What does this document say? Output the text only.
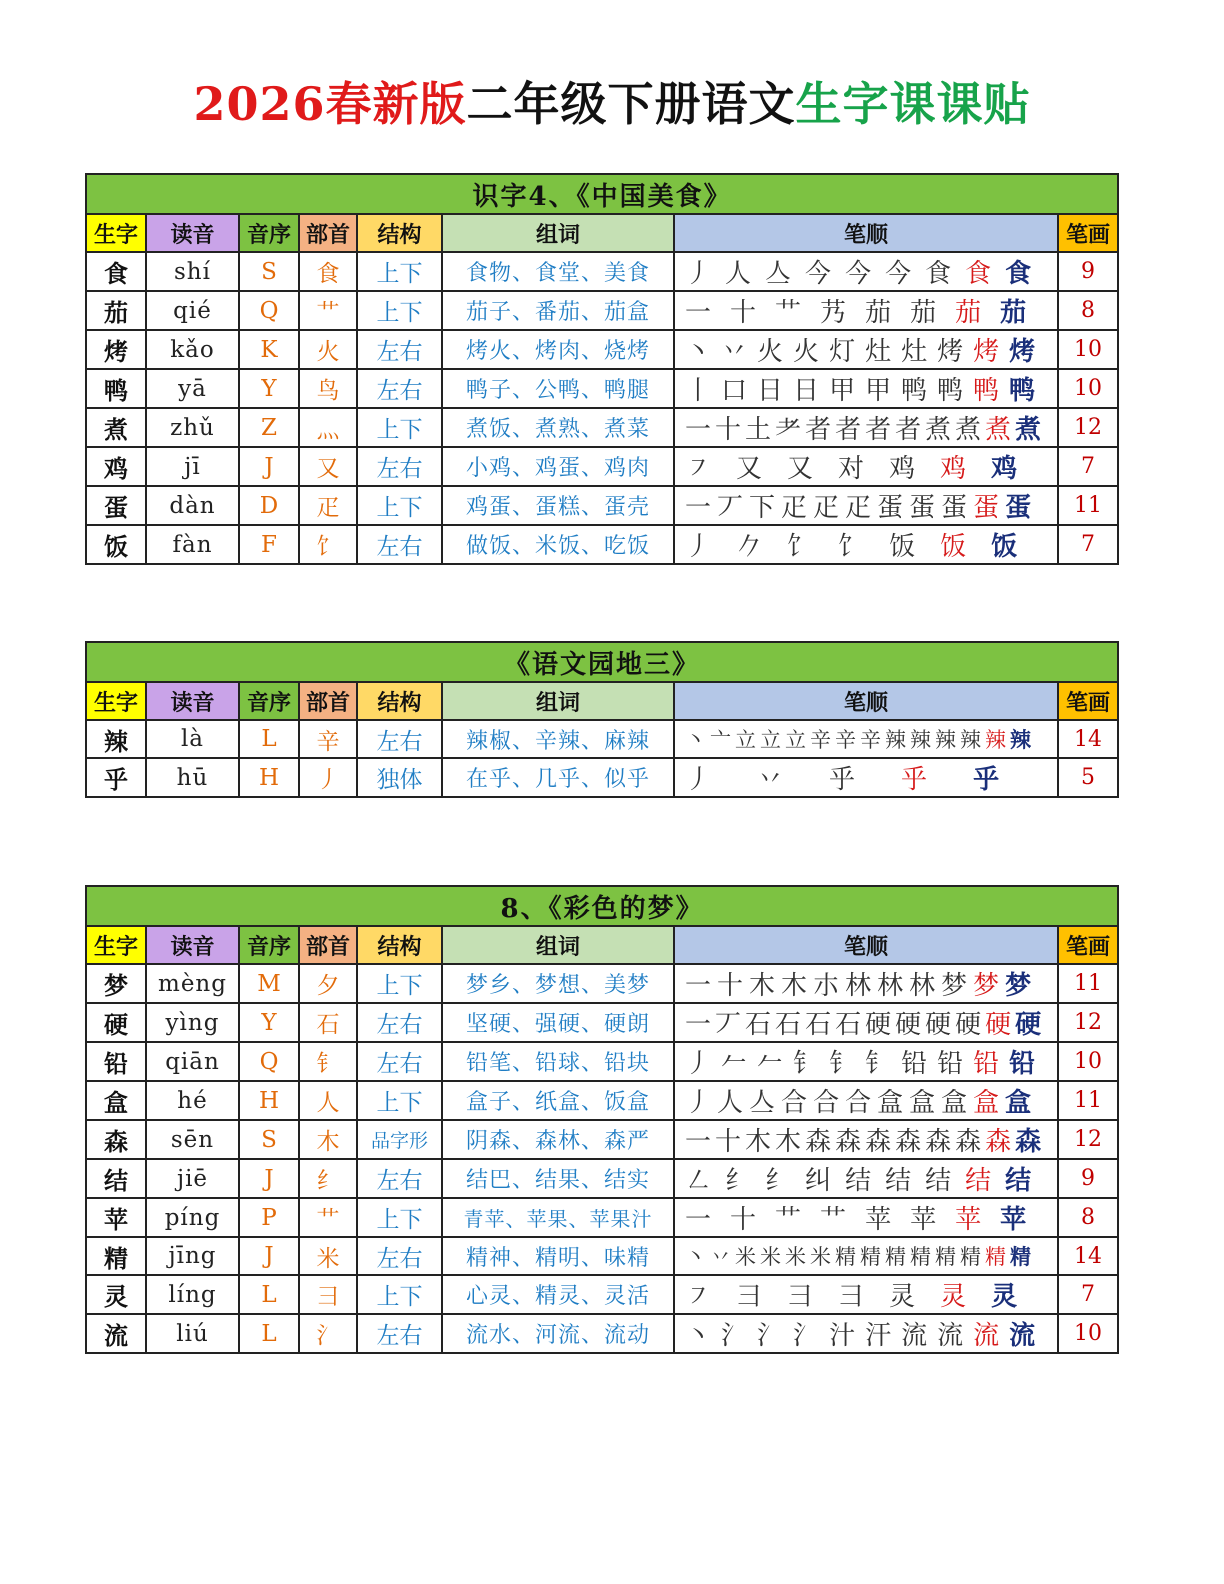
2026春新版二年级下册语文生字课课贴
识字4、《中国美食》							
生字	读音	音序	部首	结构	组词	笔顺	笔画
食	shí	S	食	上下	食物、食堂、美食	丿 人 亼 今 今 今 食 食 食	9
茄	qié	Q	艹	上下	茄子、番茄、茄盒	一 十 艹 艿 茄 茄 茄 茄	8
烤	kǎo	K	火	左右	烤火、烤肉、烧烤	丶 丷 火 火 灯 灶 灶 烤 烤 烤	10
鸭	yā	Y	鸟	左右	鸭子、公鸭、鸭腿	丨 口 日 日 甲 甲 鸭 鸭 鸭 鸭	10
煮	zhǔ	Z	灬	上下	煮饭、煮熟、煮菜	一 十 土 耂 者 者 者 者 煮 煮 煮 煮	12
鸡	jī	J	又	左右	小鸡、鸡蛋、鸡肉	㇇ 又 又 对 鸡 鸡 鸡	7
蛋	dàn	D	疋	上下	鸡蛋、蛋糕、蛋壳	一 丆 下 疋 疋 疋 蛋 蛋 蛋 蛋 蛋	11
饭	fàn	F	饣	左右	做饭、米饭、吃饭	丿 𠂊 饣 饣 饭 饭 饭	7
《语文园地三》							
生字	读音	音序	部首	结构	组词	笔顺	笔画
辣	là	L	辛	左右	辣椒、辛辣、麻辣	丶 亠 立 立 立 辛 辛 辛 辣 辣 辣 辣 辣 辣	14
乎	hū	H	丿	独体	在乎、几乎、似乎	丿 丷 乎 乎 乎	5
8、《彩色的梦》							
生字	读音	音序	部首	结构	组词	笔顺	笔画
梦	mèng	M	夕	上下	梦乡、梦想、美梦	一 十 木 木 朩 林 林 林 梦 梦 梦	11
硬	yìng	Y	石	左右	坚硬、强硬、硬朗	一 丆 石 石 石 石 硬 硬 硬 硬 硬 硬	12
铅	qiān	Q	钅	左右	铅笔、铅球、铅块	丿 𠂉 𠂉 钅 钅 钅 铅 铅 铅 铅	10
盒	hé	H	人	上下	盒子、纸盒、饭盒	丿 人 亼 合 合 合 盒 盒 盒 盒 盒	11
森	sēn	S	木	品字形	阴森、森林、森严	一 十 木 木 森 森 森 森 森 森 森 森	12
结	jiē	J	纟	左右	结巴、结果、结实	㇜ 纟 纟 纠 结 结 结 结 结	9
苹	píng	P	艹	上下	青苹、苹果、苹果汁	一 十 艹 艹 苹 苹 苹 苹	8
精	jīng	J	米	左右	精神、精明、味精	丶 丷 米 米 米 米 精 精 精 精 精 精 精 精	14
灵	líng	L	彐	上下	心灵、精灵、灵活	㇇ 彐 彐 彐 灵 灵 灵	7
流	liú	L	氵	左右	流水、河流、流动	丶 氵 氵 氵 汁 汗 流 流 流 流	10
